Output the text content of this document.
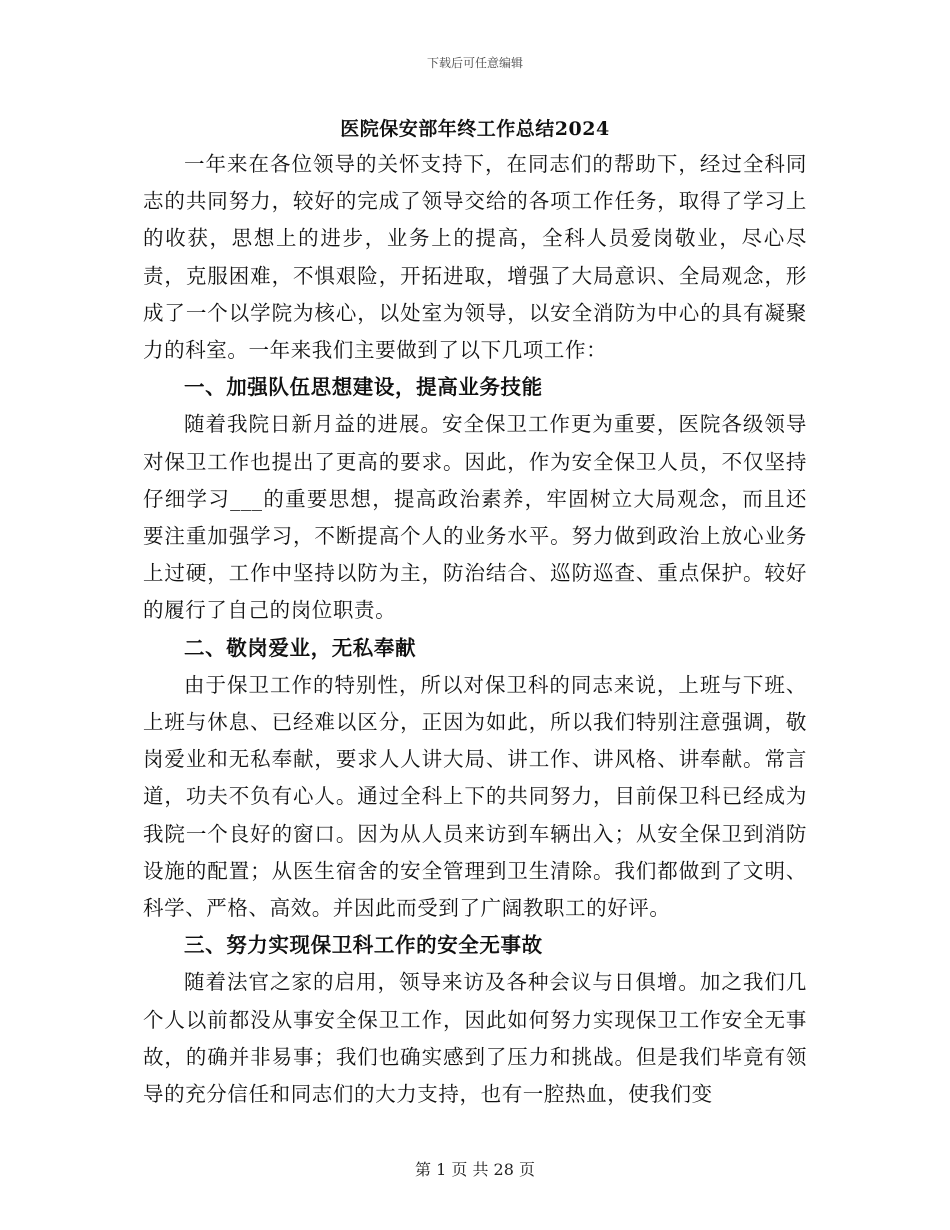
下载后可任意编辑
医院保安部年终工作总结2024

一年来在各位领导的关怀支持下，在同志们的帮助下，经过全科同志的共同努力，较好的完成了领导交给的各项工作任务，取得了学习上的收获，思想上的进步，业务上的提高，全科人员爱岗敬业，尽心尽责，克服困难，不惧艰险，开拓进取，增强了大局意识、全局观念，形成了一个以学院为核心，以处室为领导，以安全消防为中心的具有凝聚力的科室。一年来我们主要做到了以下几项工作：

一、加强队伍思想建设，提高业务技能

随着我院日新月益的进展。安全保卫工作更为重要，医院各级领导对保卫工作也提出了更高的要求。因此，作为安全保卫人员，不仅坚持仔细学习___的重要思想，提高政治素养，牢固树立大局观念，而且还要注重加强学习，不断提高个人的业务水平。努力做到政治上放心业务上过硬，工作中坚持以防为主，防治结合、巡防巡查、重点保护。较好的履行了自己的岗位职责。

二、敬岗爱业，无私奉献

由于保卫工作的特别性，所以对保卫科的同志来说，上班与下班、上班与休息、已经难以区分，正因为如此，所以我们特别注意强调，敬岗爱业和无私奉献，要求人人讲大局、讲工作、讲风格、讲奉献。常言道，功夫不负有心人。通过全科上下的共同努力，目前保卫科已经成为我院一个良好的窗口。因为从人员来访到车辆出入；从安全保卫到消防设施的配置；从医生宿舍的安全管理到卫生清除。我们都做到了文明、科学、严格、高效。并因此而受到了广阔教职工的好评。

三、努力实现保卫科工作的安全无事故

随着法官之家的启用，领导来访及各种会议与日俱增。加之我们几个人以前都没从事安全保卫工作，因此如何努力实现保卫工作安全无事故，的确并非易事；我们也确实感到了压力和挑战。但是我们毕竟有领导的充分信任和同志们的大力支持，也有一腔热血，使我们变

第 1 页 共 28 页
